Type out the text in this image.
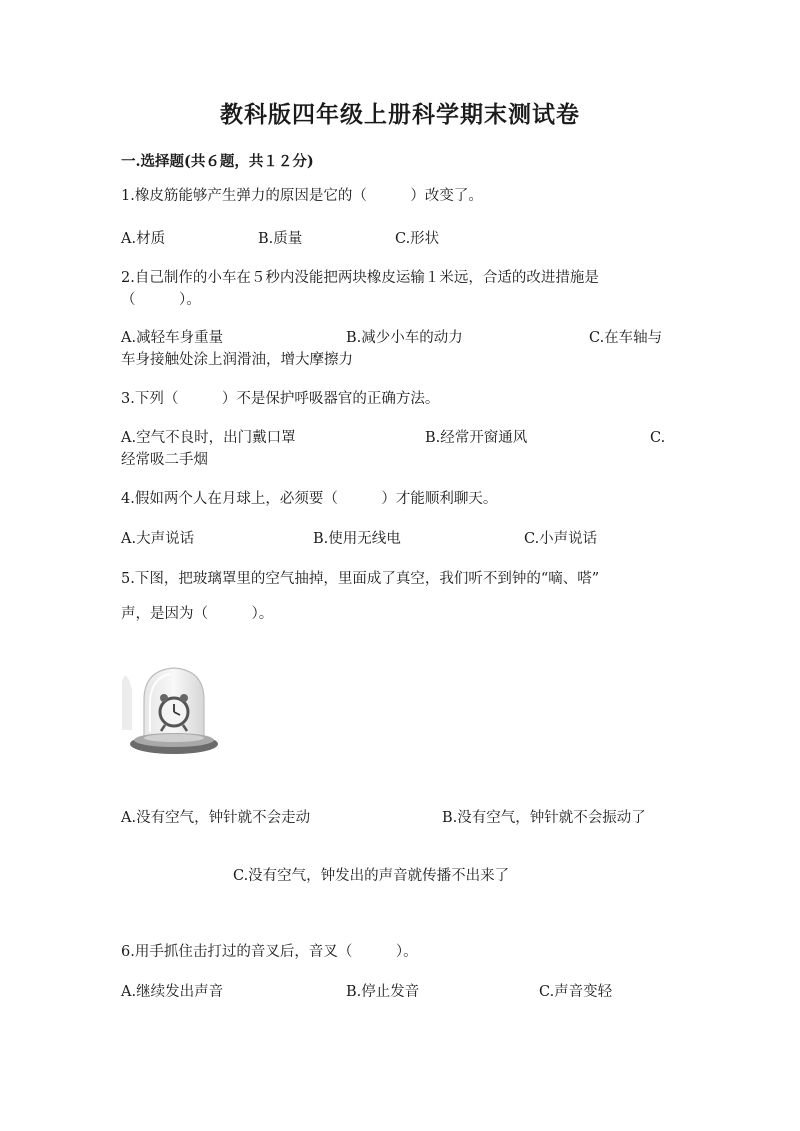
教科版四年级上册科学期末测试卷
一.选择题(共６题，共１２分)
1.橡皮筋能够产生弹力的原因是它的（　　　）改变了。
A.材质	B.质量	C.形状
2.自己制作的小车在５秒内没能把两块橡皮运输１米远，合适的改进措施是
（　　　）。
A.减轻车身重量	B.减少小车的动力	C.在车轴与
车身接触处涂上润滑油，增大摩擦力
3.下列（　　　）不是保护呼吸器官的正确方法。
A.空气不良时，出门戴口罩	B.经常开窗通风	C.
经常吸二手烟
4.假如两个人在月球上，必须要（　　　）才能顺利聊天。
A.大声说话	B.使用无线电	C.小声说话
5.下图，把玻璃罩里的空气抽掉，里面成了真空，我们听不到钟的“嘀、嗒”
声，是因为（　　　）。
A.没有空气，钟针就不会走动	B.没有空气，钟针就不会振动了
C.没有空气，钟发出的声音就传播不出来了
6.用手抓住击打过的音叉后，音叉（　　　）。
A.继续发出声音	B.停止发音	C.声音变轻
